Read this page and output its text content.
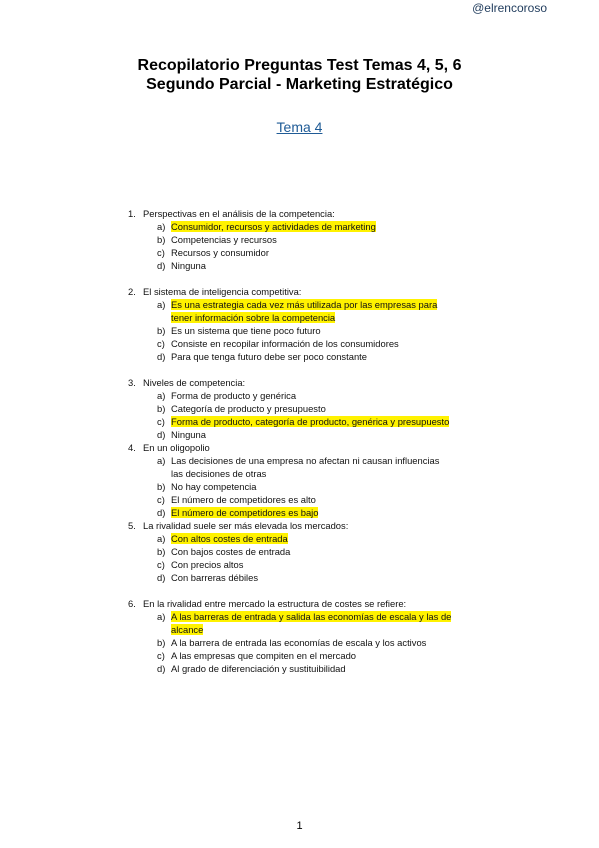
@elrencoroso
Recopilatorio Preguntas Test Temas 4, 5, 6
Segundo Parcial - Marketing Estratégico
Tema 4
1. Perspectivas en el análisis de la competencia:
a) Consumidor, recursos y actividades de marketing
b) Competencias y recursos
c) Recursos y consumidor
d) Ninguna
2. El sistema de inteligencia competitiva:
a) Es una estrategia cada vez más utilizada por las empresas para tener información sobre la competencia
b) Es un sistema que tiene poco futuro
c) Consiste en recopilar información de los consumidores
d) Para que tenga futuro debe ser poco constante
3. Niveles de competencia:
a) Forma de producto y genérica
b) Categoría de producto y presupuesto
c) Forma de producto, categoría de producto, genérica y presupuesto
d) Ninguna
4. En un oligopolio
a) Las decisiones de una empresa no afectan ni causan influencias las decisiones de otras
b) No hay competencia
c) El número de competidores es alto
d) El número de competidores es bajo
5. La rivalidad suele ser más elevada los mercados:
a) Con altos costes de entrada
b) Con bajos costes de entrada
c) Con precios altos
d) Con barreras débiles
6. En la rivalidad entre mercado la estructura de costes se refiere:
a) A las barreras de entrada y salida las economías de escala y las de alcance
b) A la barrera de entrada las economías de escala y los activos
c) A las empresas que compiten en el mercado
d) Al grado de diferenciación y sustituibilidad
1
